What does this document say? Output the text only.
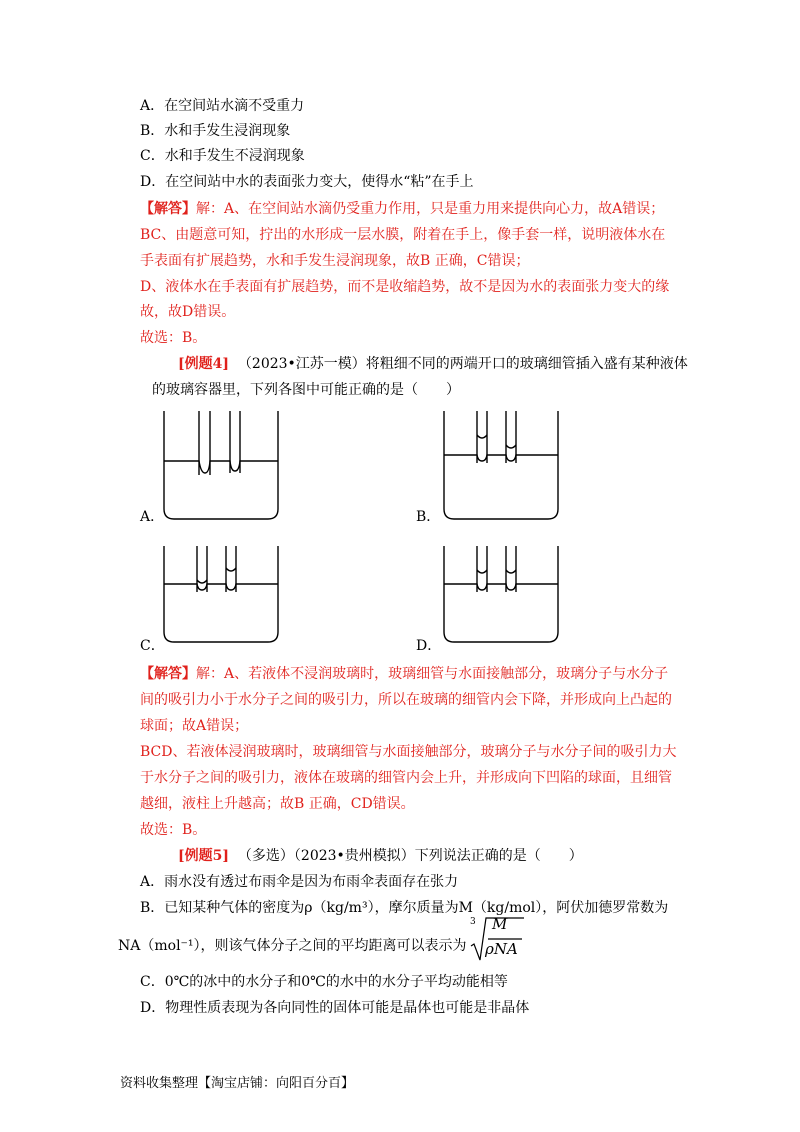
A．在空间站水滴不受重力
B．水和手发生浸润现象
C．水和手发生不浸润现象
D．在空间站中水的表面张力变大，使得水“粘”在手上
【解答】解：A、在空间站水滴仍受重力作用，只是重力用来提供向心力，故A错误；
BC、由题意可知，拧出的水形成一层水膜，附着在手上，像手套一样，说明液体水在
手表面有扩展趋势，水和手发生浸润现象，故B 正确，C错误；
D、液体水在手表面有扩展趋势，而不是收缩趋势，故不是因为水的表面张力变大的缘
故，故D错误。
故选：B。
[例题4] （2023•江苏一模）将粗细不同的两端开口的玻璃细管插入盛有某种液体
的玻璃容器里，下列各图中可能正确的是（　　）
A．	B．
C．	D．
【解答】解：A、若液体不浸润玻璃时，玻璃细管与水面接触部分，玻璃分子与水分子
间的吸引力小于水分子之间的吸引力，所以在玻璃的细管内会下降，并形成向上凸起的
球面；故A错误；
BCD、若液体浸润玻璃时，玻璃细管与水面接触部分，玻璃分子与水分子间的吸引力大
于水分子之间的吸引力，液体在玻璃的细管内会上升，并形成向下凹陷的球面，且细管
越细，液柱上升越高；故B 正确，CD错误。
故选：B。
[例题5] （多选）（2023•贵州模拟）下列说法正确的是（　　）
A．雨水没有透过布雨伞是因为布雨伞表面存在张力
B．已知某种气体的密度为ρ（kg/m³），摩尔质量为M（kg/mol），阿伏加德罗常数为
NA（mol⁻¹），则该气体分子之间的平均距离可以表示为
3 M
ρNA
C．0℃的冰中的水分子和0℃的水中的水分子平均动能相等
D．物理性质表现为各向同性的固体可能是晶体也可能是非晶体
资料收集整理【淘宝店铺：向阳百分百】
